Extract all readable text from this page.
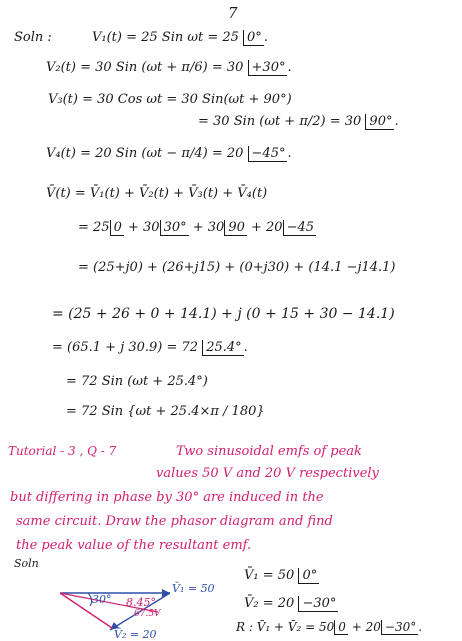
7
Soln :	V₁(t) = 25 Sin ωt = 25 0° .
V₂(t) = 30 Sin (ωt + π/6) = 30 +30° .
V₃(t) = 30 Cos ωt = 30 Sin(ωt + 90°)
= 30 Sin (ωt + π/2) = 30 90° .
V₄(t) = 20 Sin (ωt − π/4) = 20 −45° .
V̄(t) = V̄₁(t) + V̄₂(t) + V̄₃(t) + V̄₄(t)
= 25 0 + 30 30° + 30 90 + 20 −45
= (25+j0) + (26+j15) + (0+j30) + (14.1 −j14.1)
= (25 + 26 + 0 + 14.1) + j (0 + 15 + 30 − 14.1)
= (65.1 + j 30.9) = 72 25.4° .
= 72 Sin (ωt + 25.4°)
= 72 Sin {ωt + 25.4×π / 180}
Tutorial - 3 , Q - 7	Two sinusoidal emfs of peak
values 50 V and 20 V respectively
but differing in phase by 30° are induced in the
same circuit. Draw the phasor diagram and find
the peak value of the resultant emf.
Soln
V̄₁ = 50
30° 8.45°
67.5V
V̄₂ = 20
V̄₁ = 50 0°
V̄₂ = 20 −30°
R : V̄₁ + V̄₂ = 50 0 + 20 −30° .
